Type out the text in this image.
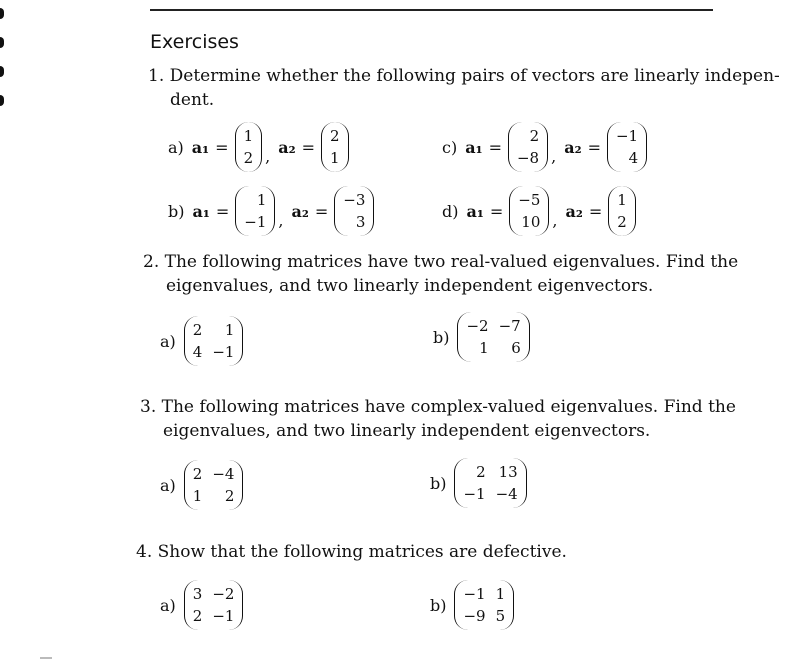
Exercises
1. Determine whether the following pairs of vectors are linearly indepen-
dent.
a) a₁ =
1
2 , a₂ =
2
1
c) a₁ =
2
−8 , a₂ =
−1
4
b) a₁ =
1
−1 , a₂ =
−3
3
d) a₁ =
−5
10 , a₂ =
1
2
2. The following matrices have two real-valued eigenvalues. Find the
eigenvalues, and two linearly independent eigenvectors.
a)
2 1
4 −1
b)
−2 −7
1 6
3. The following matrices have complex-valued eigenvalues. Find the
eigenvalues, and two linearly independent eigenvectors.
a)
2 −4
1 2
b)
2 13
−1 −4
4. Show that the following matrices are defective.
a)
3 −2
2 −1
b)
−1 1
−9 5
